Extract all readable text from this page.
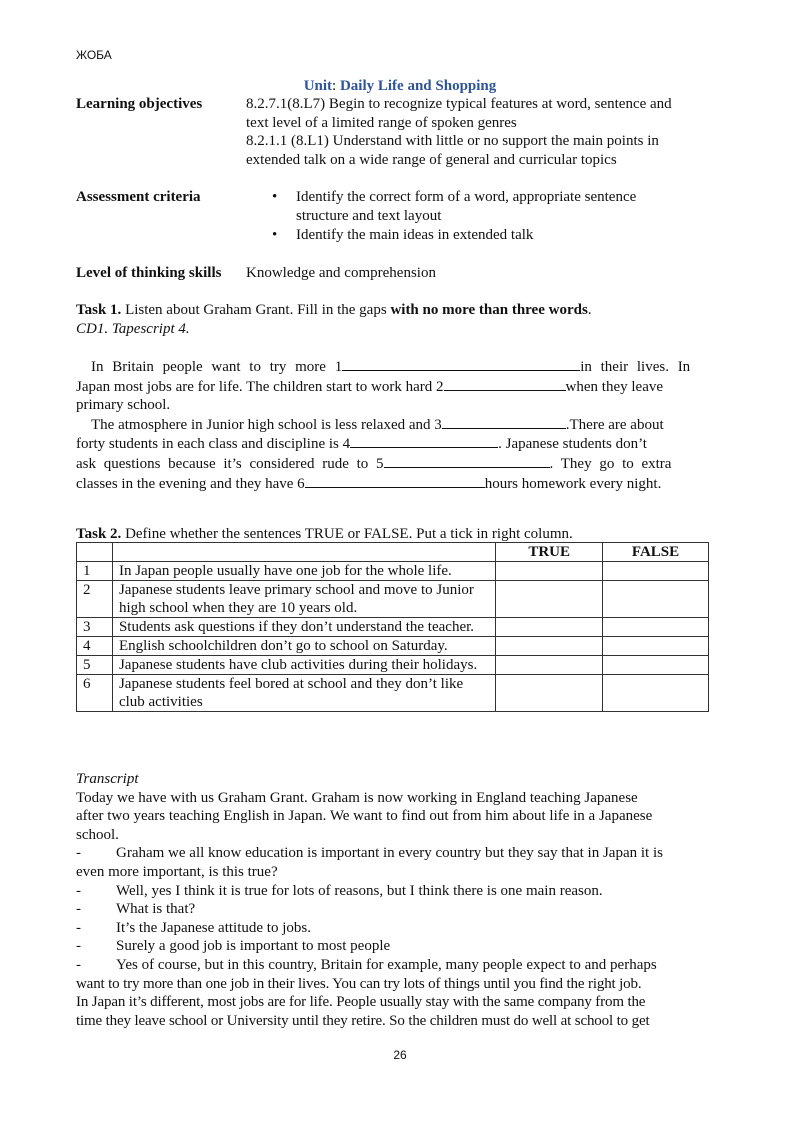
ЖОБА
Unit: Daily Life and Shopping
Learning objectives	8.2.7.1(8.L7) Begin to recognize typical features at word, sentence and
text level of a limited range of spoken genres
8.2.1.1 (8.L1) Understand with little or no support the main points in
extended talk on a wide range of general and curricular topics
Assessment criteria	• Identify the correct form of a word, appropriate sentence
structure and text layout
• Identify the main ideas in extended talk
Level of thinking skills	Knowledge and comprehension
Task 1. Listen about Graham Grant. Fill in the gaps with no more than three words.
CD1. Tapescript 4.
In Britain people want to try more 1	in their lives. In
Japan most jobs are for life. The children start to work hard 2	when they leave
primary school.
The atmosphere in Junior high school is less relaxed and 3	.There are about
forty students in each class and discipline is 4	. Japanese students don’t
ask questions because it’s considered rude to 5	. They go to extra
classes in the evening and they have 6	hours homework every night.
Task 2. Define whether the sentences TRUE or FALSE. Put a tick in right column.
		TRUE	FALSE
1	In Japan people usually have one job for the whole life.		
2	Japanese students leave primary school and move to Junior high school when they are 10 years old.		
3	Students ask questions if they don’t understand the teacher.		
4	English schoolchildren don’t go to school on Saturday.		
5	Japanese students have club activities during their holidays.		
6	Japanese students feel bored at school and they don’t like club activities		
Transcript
Today we have with us Graham Grant. Graham is now working in England teaching Japanese
after two years teaching English in Japan. We want to find out from him about life in a Japanese
school.
- Graham we all know education is important in every country but they say that in Japan it is
even more important, is this true?
- Well, yes I think it is true for lots of reasons, but I think there is one main reason.
- What is that?
- It’s the Japanese attitude to jobs.
- Surely a good job is important to most people
- Yes of course, but in this country, Britain for example, many people expect to and perhaps
want to try more than one job in their lives. You can try lots of things until you find the right job.
In Japan it’s different, most jobs are for life. People usually stay with the same company from the
time they leave school or University until they retire. So the children must do well at school to get
26
